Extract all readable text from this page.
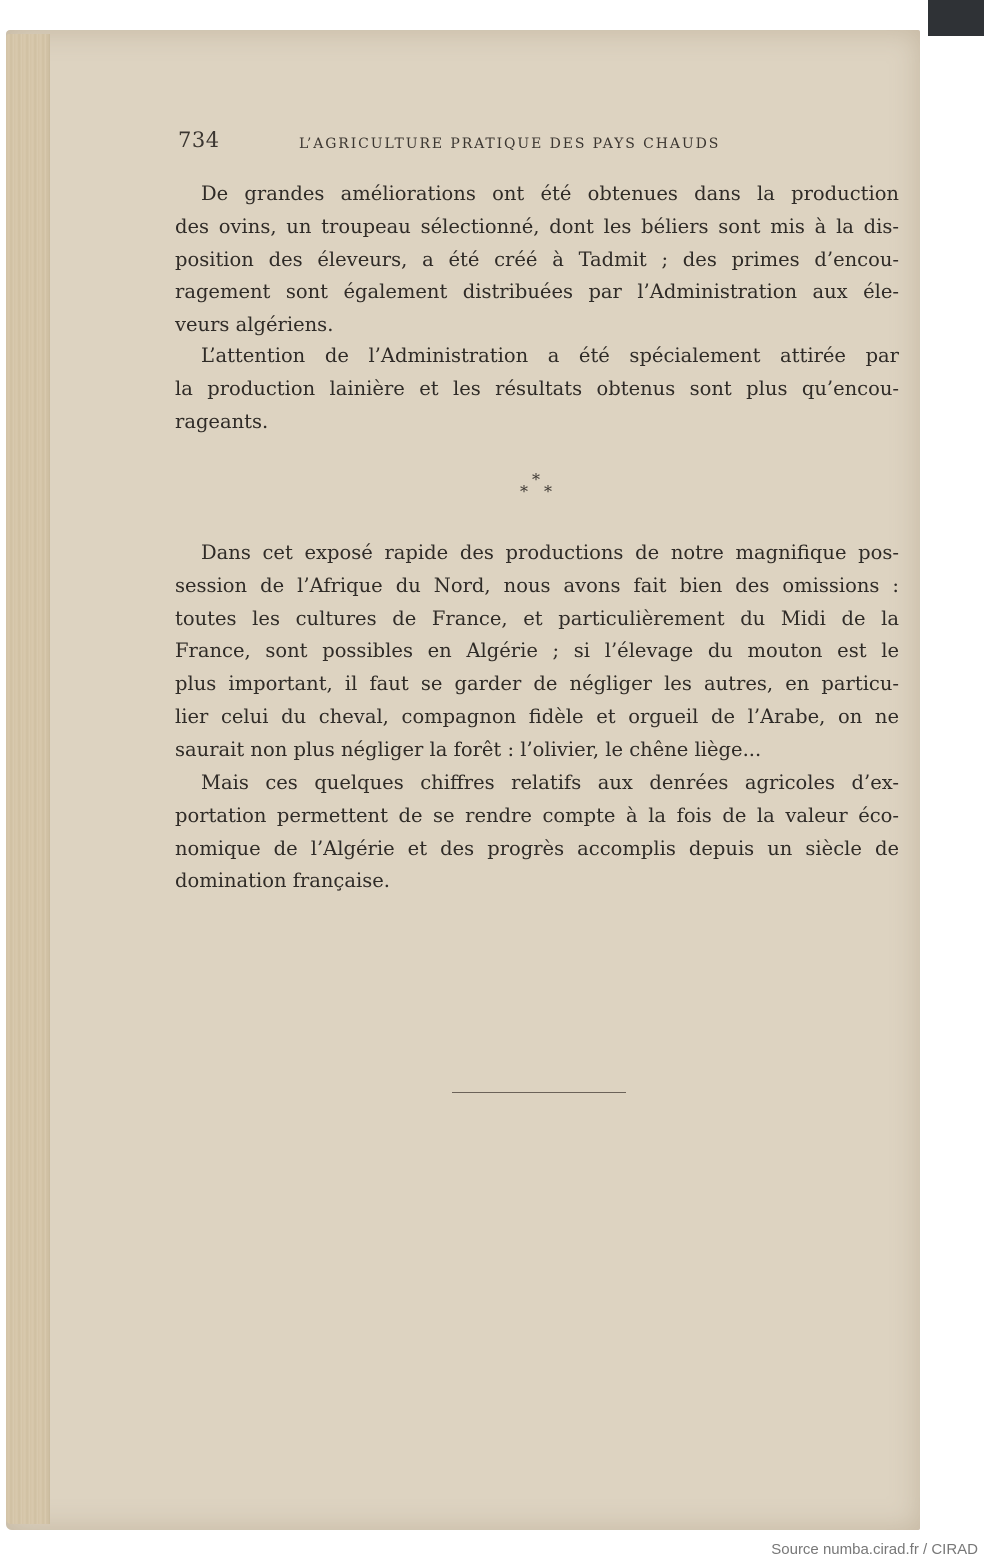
734	L’AGRICULTURE PRATIQUE DES PAYS CHAUDS
De grandes améliorations ont été obtenues dans la production
des ovins, un troupeau sélectionné, dont les béliers sont mis à la dis-
position des éleveurs, a été créé à Tadmit ; des primes d’encou-
ragement sont également distribuées par l’Administration aux éle-
veurs algériens.
L’attention de l’Administration a été spécialement attirée par
la production lainière et les résultats obtenus sont plus qu’encou-
rageants.
*
* *
Dans cet exposé rapide des productions de notre magnifique pos-
session de l’Afrique du Nord, nous avons fait bien des omissions :
toutes les cultures de France, et particulièrement du Midi de la
France, sont possibles en Algérie ; si l’élevage du mouton est le
plus important, il faut se garder de négliger les autres, en particu-
lier celui du cheval, compagnon fidèle et orgueil de l’Arabe, on ne
saurait non plus négliger la forêt : l’olivier, le chêne liège...
Mais ces quelques chiffres relatifs aux denrées agricoles d’ex-
portation permettent de se rendre compte à la fois de la valeur éco-
nomique de l’Algérie et des progrès accomplis depuis un siècle de
domination française.
Source numba.cirad.fr / CIRAD
